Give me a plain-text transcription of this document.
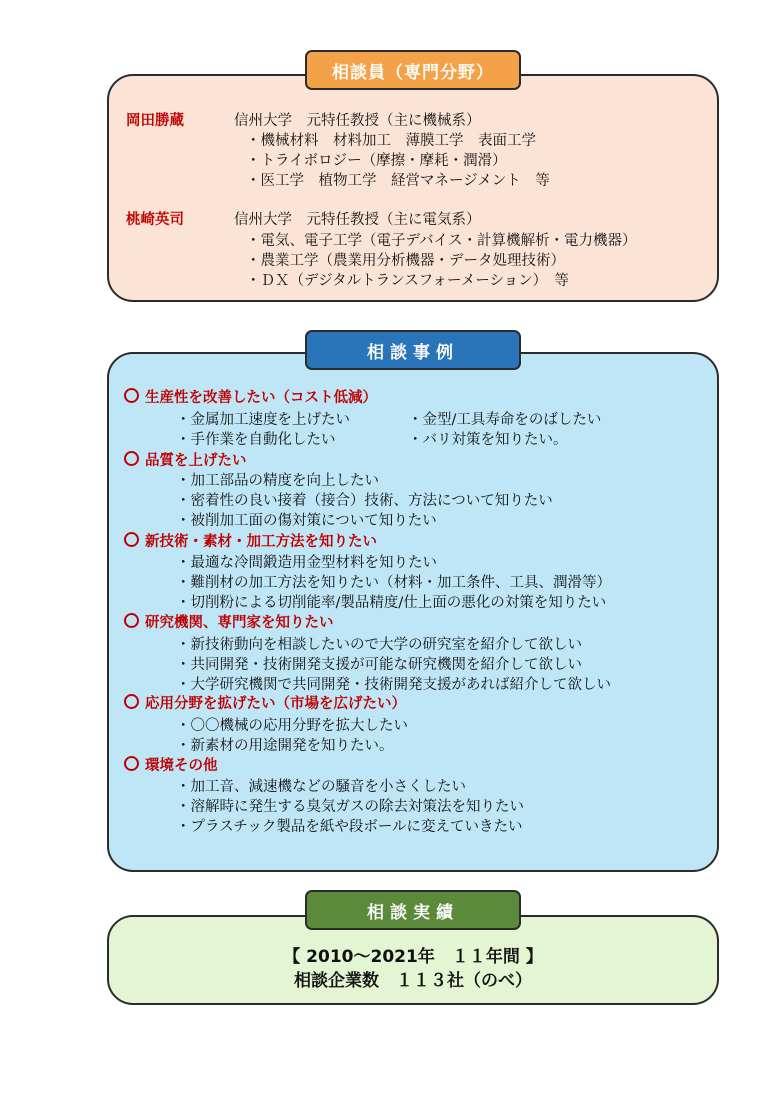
相談員（専門分野）
岡田勝蔵	信州大学　元特任教授（主に機械系）
・機械材料　材料加工　薄膜工学　表面工学
・トライボロジー（摩擦・摩耗・潤滑）
・医工学　植物工学　経営マネージメント　等
桃崎英司	信州大学　元特任教授（主に電気系）
・電気、電子工学（電子デバイス・計算機解析・電力機器）
・農業工学（農業用分析機器・データ処理技術）
・ＤＸ（デジタルトランスフォーメーション）　等
相談事例
生産性を改善したい（コスト低減）
・金属加工速度を上げたい	・金型/工具寿命をのばしたい
・手作業を自動化したい	・バリ対策を知りたい。
品質を上げたい
・加工部品の精度を向上したい
・密着性の良い接着（接合）技術、方法について知りたい
・被削加工面の傷対策について知りたい
新技術・素材・加工方法を知りたい
・最適な冷間鍛造用金型材料を知りたい
・難削材の加工方法を知りたい（材料・加工条件、工具、潤滑等）
・切削粉による切削能率/製品精度/仕上面の悪化の対策を知りたい
研究機関、専門家を知りたい
・新技術動向を相談したいので大学の研究室を紹介して欲しい
・共同開発・技術開発支援が可能な研究機関を紹介して欲しい
・大学研究機関で共同開発・技術開発支援があれば紹介して欲しい
応用分野を拡げたい（市場を広げたい）
・〇〇機械の応用分野を拡大したい
・新素材の用途開発を知りたい。
環境その他
・加工音、減速機などの騒音を小さくしたい
・溶解時に発生する臭気ガスの除去対策法を知りたい
・プラスチック製品を紙や段ボールに変えていきたい
相談実績
【 2010～2021年　１１年間 】
相談企業数　１１３社（のべ）
